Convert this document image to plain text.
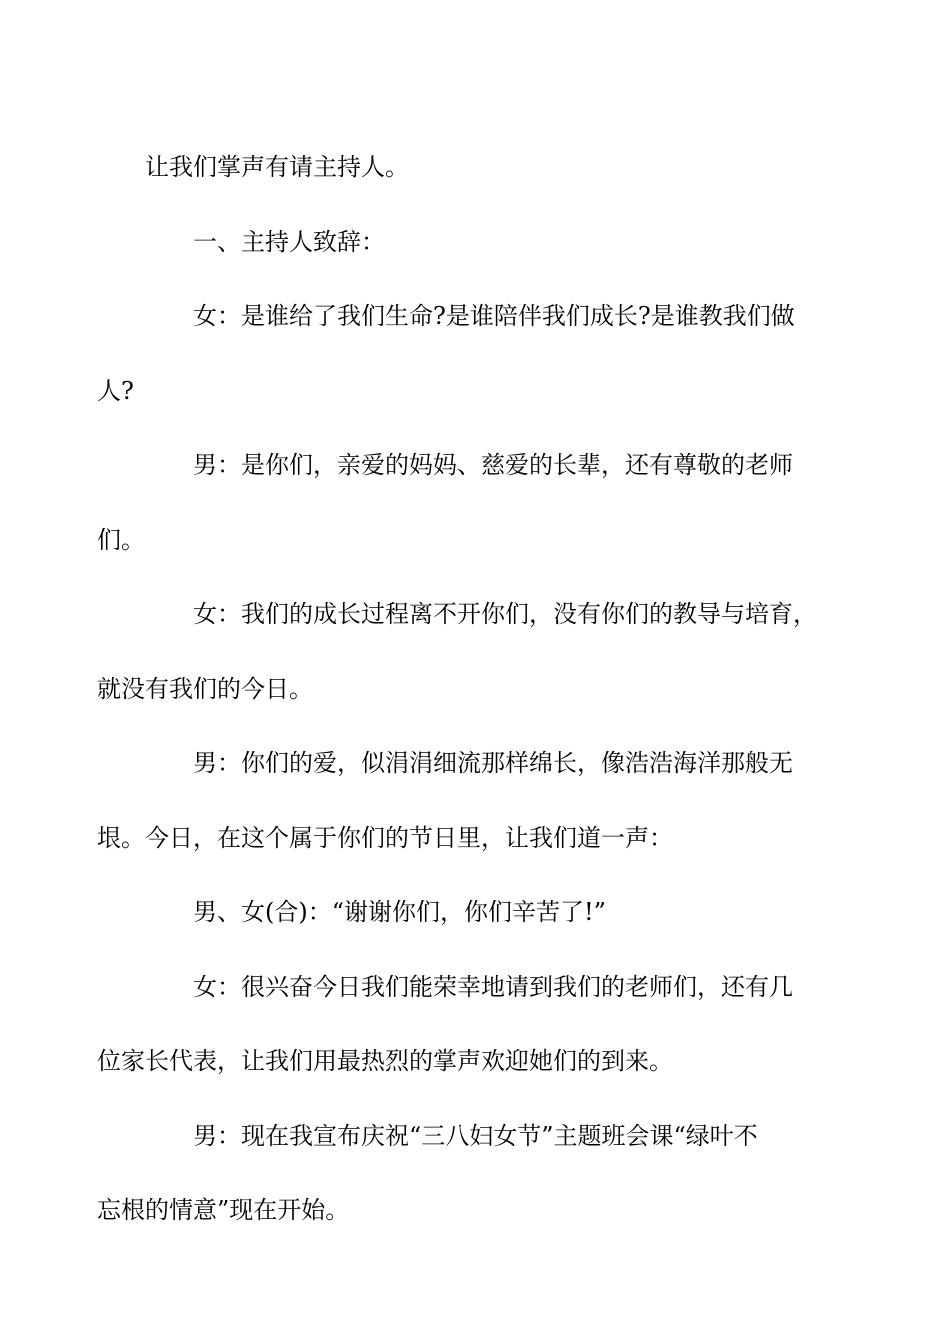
让我们掌声有请主持人。

一、主持人致辞：

女：是谁给了我们生命?是谁陪伴我们成长?是谁教我们做
人?

男：是你们，亲爱的妈妈、慈爱的长辈，还有尊敬的老师
们。

女：我们的成长过程离不开你们，没有你们的教导与培育，
就没有我们的今日。

男：你们的爱，似涓涓细流那样绵长，像浩浩海洋那般无
垠。今日，在这个属于你们的节日里，让我们道一声：

男、女(合)：“谢谢你们，你们辛苦了!”

女：很兴奋今日我们能荣幸地请到我们的老师们，还有几
位家长代表，让我们用最热烈的掌声欢迎她们的到来。

男：现在我宣布庆祝“三八妇女节”主题班会课“绿叶不
忘根的情意”现在开始。
